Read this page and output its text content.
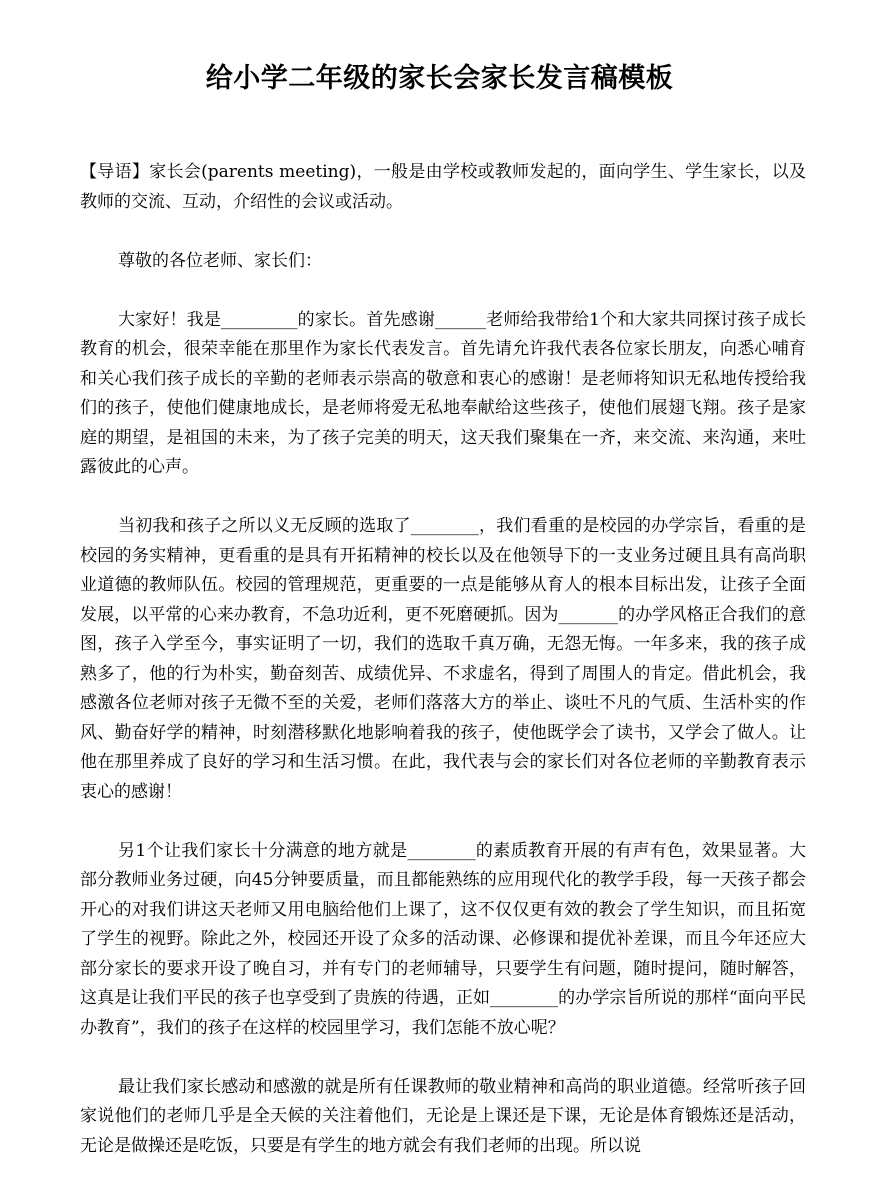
给小学二年级的家长会家长发言稿模板

【导语】家长会(parents meeting)，一般是由学校或教师发起的，面向学生、学生家长，以及教师的交流、互动，介绍性的会议或活动。

尊敬的各位老师、家长们：

大家好！我是_________的家长。首先感谢______老师给我带给1个和大家共同探讨孩子成长教育的机会，很荣幸能在那里作为家长代表发言。首先请允许我代表各位家长朋友，向悉心哺育和关心我们孩子成长的辛勤的老师表示崇高的敬意和衷心的感谢！是老师将知识无私地传授给我们的孩子，使他们健康地成长，是老师将爱无私地奉献给这些孩子，使他们展翅飞翔。孩子是家庭的期望，是祖国的未来，为了孩子完美的明天，这天我们聚集在一齐，来交流、来沟通，来吐露彼此的心声。

当初我和孩子之所以义无反顾的选取了________，我们看重的是校园的办学宗旨，看重的是校园的务实精神，更看重的是具有开拓精神的校长以及在他领导下的一支业务过硬且具有高尚职业道德的教师队伍。校园的管理规范，更重要的一点是能够从育人的根本目标出发，让孩子全面发展，以平常的心来办教育，不急功近利，更不死磨硬抓。因为_______的办学风格正合我们的意图，孩子入学至今，事实证明了一切，我们的选取千真万确，无怨无悔。一年多来，我的孩子成熟多了，他的行为朴实，勤奋刻苦、成绩优异、不求虚名，得到了周围人的肯定。借此机会，我感激各位老师对孩子无微不至的关爱，老师们落落大方的举止、谈吐不凡的气质、生活朴实的作风、勤奋好学的精神，时刻潜移默化地影响着我的孩子，使他既学会了读书，又学会了做人。让他在那里养成了良好的学习和生活习惯。在此，我代表与会的家长们对各位老师的辛勤教育表示衷心的感谢！

另1个让我们家长十分满意的地方就是________的素质教育开展的有声有色，效果显著。大部分教师业务过硬，向45分钟要质量，而且都能熟练的应用现代化的教学手段，每一天孩子都会开心的对我们讲这天老师又用电脑给他们上课了，这不仅仅更有效的教会了学生知识，而且拓宽了学生的视野。除此之外，校园还开设了众多的活动课、必修课和提优补差课，而且今年还应大部分家长的要求开设了晚自习，并有专门的老师辅导，只要学生有问题，随时提问，随时解答，这真是让我们平民的孩子也享受到了贵族的待遇，正如________的办学宗旨所说的那样“面向平民办教育”，我们的孩子在这样的校园里学习，我们怎能不放心呢？

最让我们家长感动和感激的就是所有任课教师的敬业精神和高尚的职业道德。经常听孩子回家说他们的老师几乎是全天候的关注着他们，无论是上课还是下课，无论是体育锻炼还是活动，无论是做操还是吃饭，只要是有学生的地方就会有我们老师的出现。所以说
